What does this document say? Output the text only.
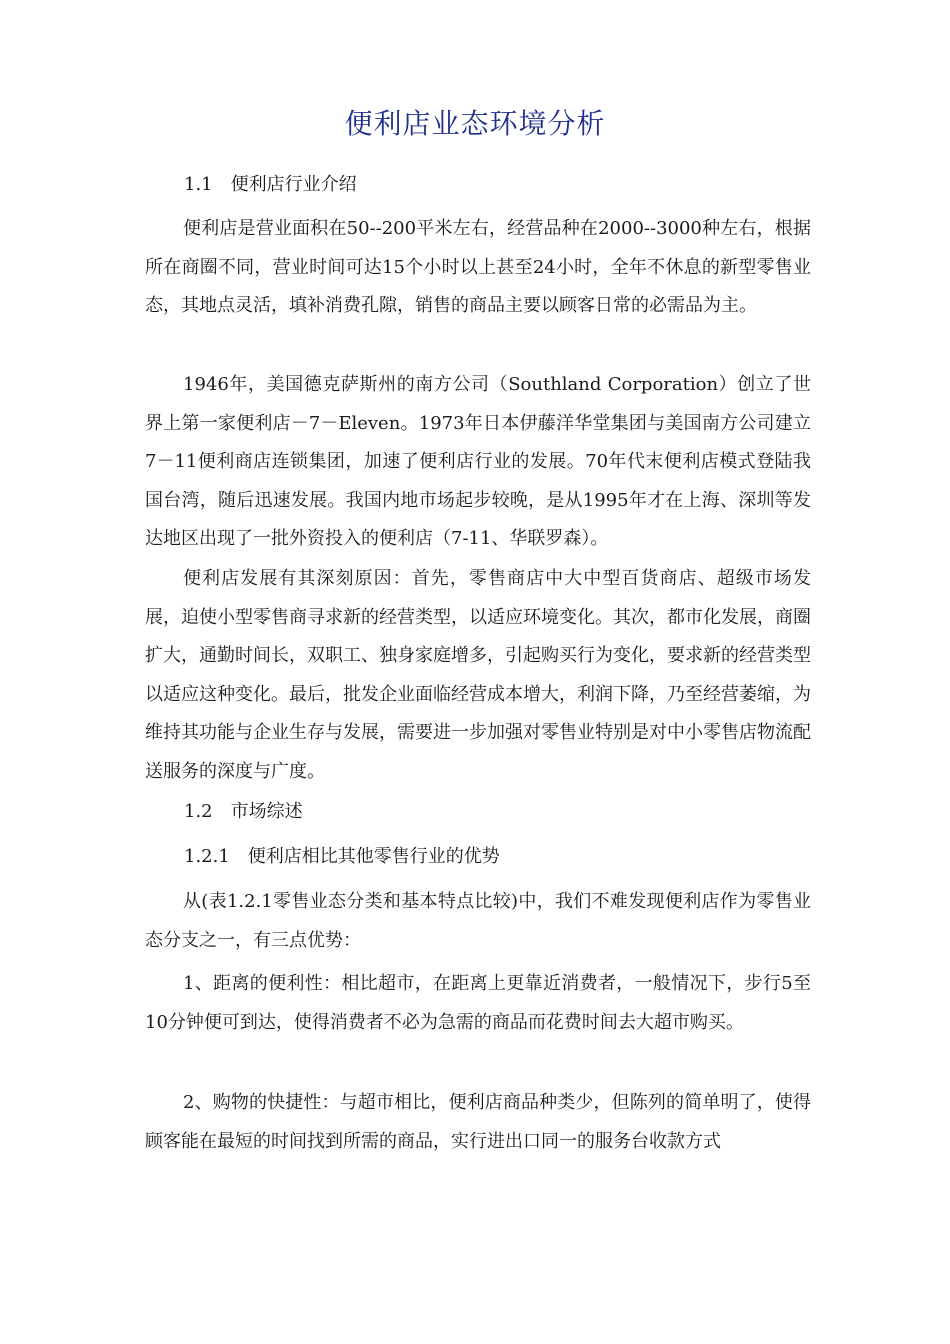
便利店业态环境分析
1.1　便利店行业介绍
便利店是营业面积在50--200平米左右，经营品种在2000--3000种左右，根据所在商圈不同，营业时间可达15个小时以上甚至24小时，全年不休息的新型零售业态，其地点灵活，填补消费孔隙，销售的商品主要以顾客日常的必需品为主。
1946年，美国德克萨斯州的南方公司（Southland Corporation）创立了世界上第一家便利店－7－Eleven。1973年日本伊藤洋华堂集团与美国南方公司建立7－11便利商店连锁集团，加速了便利店行业的发展。70年代末便利店模式登陆我国台湾，随后迅速发展。我国内地市场起步较晚，是从1995年才在上海、深圳等发达地区出现了一批外资投入的便利店（7-11、华联罗森）。
便利店发展有其深刻原因：首先，零售商店中大中型百货商店、超级市场发展，迫使小型零售商寻求新的经营类型，以适应环境变化。其次，都市化发展，商圈扩大，通勤时间长，双职工、独身家庭增多，引起购买行为变化，要求新的经营类型以适应这种变化。最后，批发企业面临经营成本增大，利润下降，乃至经营萎缩，为维持其功能与企业生存与发展，需要进一步加强对零售业特别是对中小零售店物流配送服务的深度与广度。
1.2　市场综述
1.2.1　便利店相比其他零售行业的优势
从(表1.2.1零售业态分类和基本特点比较)中，我们不难发现便利店作为零售业态分支之一，有三点优势：
1、距离的便利性：相比超市，在距离上更靠近消费者，一般情况下，步行5至10分钟便可到达，使得消费者不必为急需的商品而花费时间去大超市购买。
2、购物的快捷性：与超市相比，便利店商品种类少，但陈列的简单明了，使得顾客能在最短的时间找到所需的商品，实行进出口同一的服务台收款方式
